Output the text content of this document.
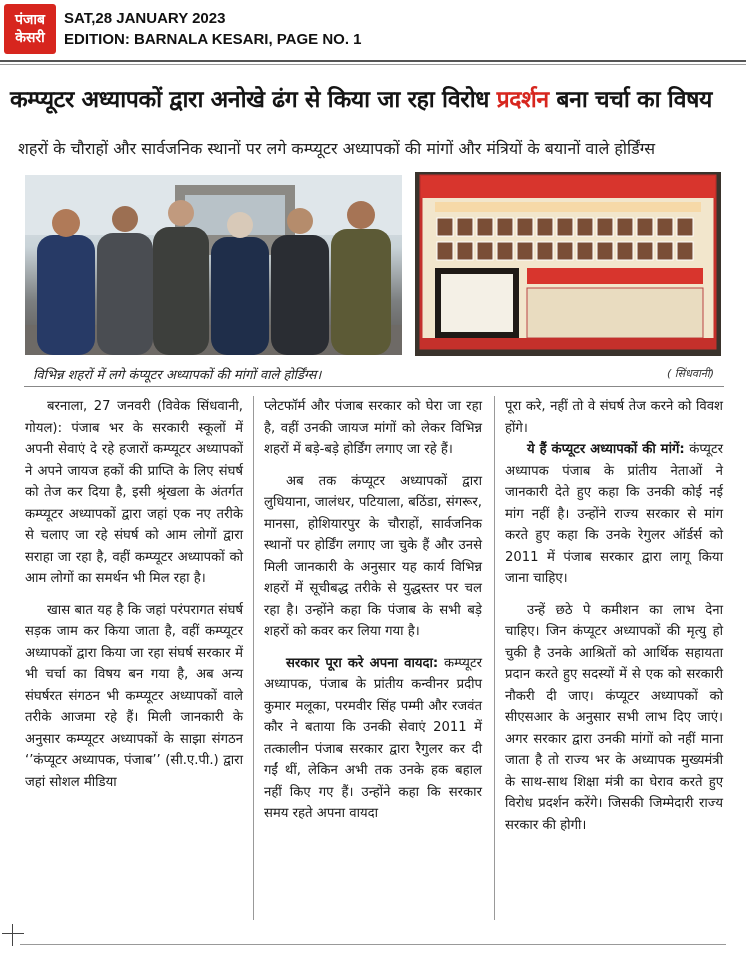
पंजाब
केसरी
SAT,28 JANUARY 2023
EDITION: BARNALA KESARI, PAGE NO. 1
कम्प्यूटर अध्यापकों द्वारा अनोखे ढंग से किया जा रहा विरोध प्रदर्शन बना चर्चा का विषय
शहरों के चौराहों और सार्वजनिक स्थानों पर लगे कम्प्यूटर अध्यापकों की मांगों और मंत्रियों के बयानों वाले होर्डिंग्स
विभिन्न शहरों में लगे कंप्यूटर अध्यापकों की मांगों वाले होर्डिंग्स।	( सिंधवानी)

बरनाला, 27 जनवरी (विवेक सिंधवानी, गोयल): पंजाब भर के सरकारी स्कूलों में अपनी सेवाएं दे रहे हजारों कम्प्यूटर अध्यापकों ने अपने जायज हकों की प्राप्ति के लिए संघर्ष को तेज कर दिया है, इसी श्रृंखला के अंतर्गत कम्प्यूटर अध्यापकों द्वारा जहां एक नए तरीके से चलाए जा रहे संघर्ष को आम लोगों द्वारा सराहा जा रहा है, वहीं कम्प्यूटर अध्यापकों को आम लोगों का समर्थन भी मिल रहा है।

खास बात यह है कि जहां परंपरागत संघर्ष सड़क जाम कर किया जाता है, वहीं कम्प्यूटर अध्यापकों द्वारा किया जा रहा संघर्ष सरकार में भी चर्चा का विषय बन गया है, अब अन्य संघर्षरत संगठन भी कम्प्यूटर अध्यापकों वाले तरीके आजमा रहे हैं। मिली जानकारी के अनुसार कम्प्यूटर अध्यापकों के साझा संगठन ‘’कंप्यूटर अध्यापक, पंजाब’’ (सी.ए.पी.) द्वारा जहां सोशल मीडिया

प्लेटफॉर्म और पंजाब सरकार को घेरा जा रहा है, वहीं उनकी जायज मांगों को लेकर विभिन्न शहरों में बड़े-बड़े होर्डिंग लगाए जा रहे हैं।

अब तक कंप्यूटर अध्यापकों द्वारा लुधियाना, जालंधर, पटियाला, बठिंडा, संगरूर, मानसा, होशियारपुर के चौराहों, सार्वजनिक स्थानों पर होर्डिंग लगाए जा चुके हैं और उनसे मिली जानकारी के अनुसार यह कार्य विभिन्न शहरों में सूचीबद्ध तरीके से युद्धस्तर पर चल रहा है। उन्होंने कहा कि पंजाब के सभी बड़े शहरों को कवर कर लिया गया है।

सरकार पूरा करे अपना वायदा: कम्प्यूटर अध्यापक, पंजाब के प्रांतीय कन्वीनर प्रदीप कुमार मलूका, परमवीर सिंह पम्मी और रजवंत कौर ने बताया कि उनकी सेवाएं 2011 में तत्कालीन पंजाब सरकार द्वारा रैगुलर कर दी गईं थीं, लेकिन अभी तक उनके हक बहाल नहीं किए गए हैं। उन्होंने कहा कि सरकार समय रहते अपना वायदा

पूरा करे, नहीं तो वे संघर्ष तेज करने को विवश होंगे।

ये हैं कंप्यूटर अध्यापकों की मांगें: कंप्यूटर अध्यापक पंजाब के प्रांतीय नेताओं ने जानकारी देते हुए कहा कि उनकी कोई नई मांग नहीं है। उन्होंने राज्य सरकार से मांग करते हुए कहा कि उनके रेगुलर ऑर्डर्स को 2011 में पंजाब सरकार द्वारा लागू किया जाना चाहिए।

उन्हें छठे पे कमीशन का लाभ देना चाहिए। जिन कंप्यूटर अध्यापकों की मृत्यु हो चुकी है उनके आश्रितों को आर्थिक सहायता प्रदान करते हुए सदस्यों में से एक को सरकारी नौकरी दी जाए। कंप्यूटर अध्यापकों को सीएसआर के अनुसार सभी लाभ दिए जाएं। अगर सरकार द्वारा उनकी मांगों को नहीं माना जाता है तो राज्य भर के अध्यापक मुख्यमंत्री के साथ-साथ शिक्षा मंत्री का घेराव करते हुए विरोध प्रदर्शन करेंगे। जिसकी जिम्मेदारी राज्य सरकार की होगी।
